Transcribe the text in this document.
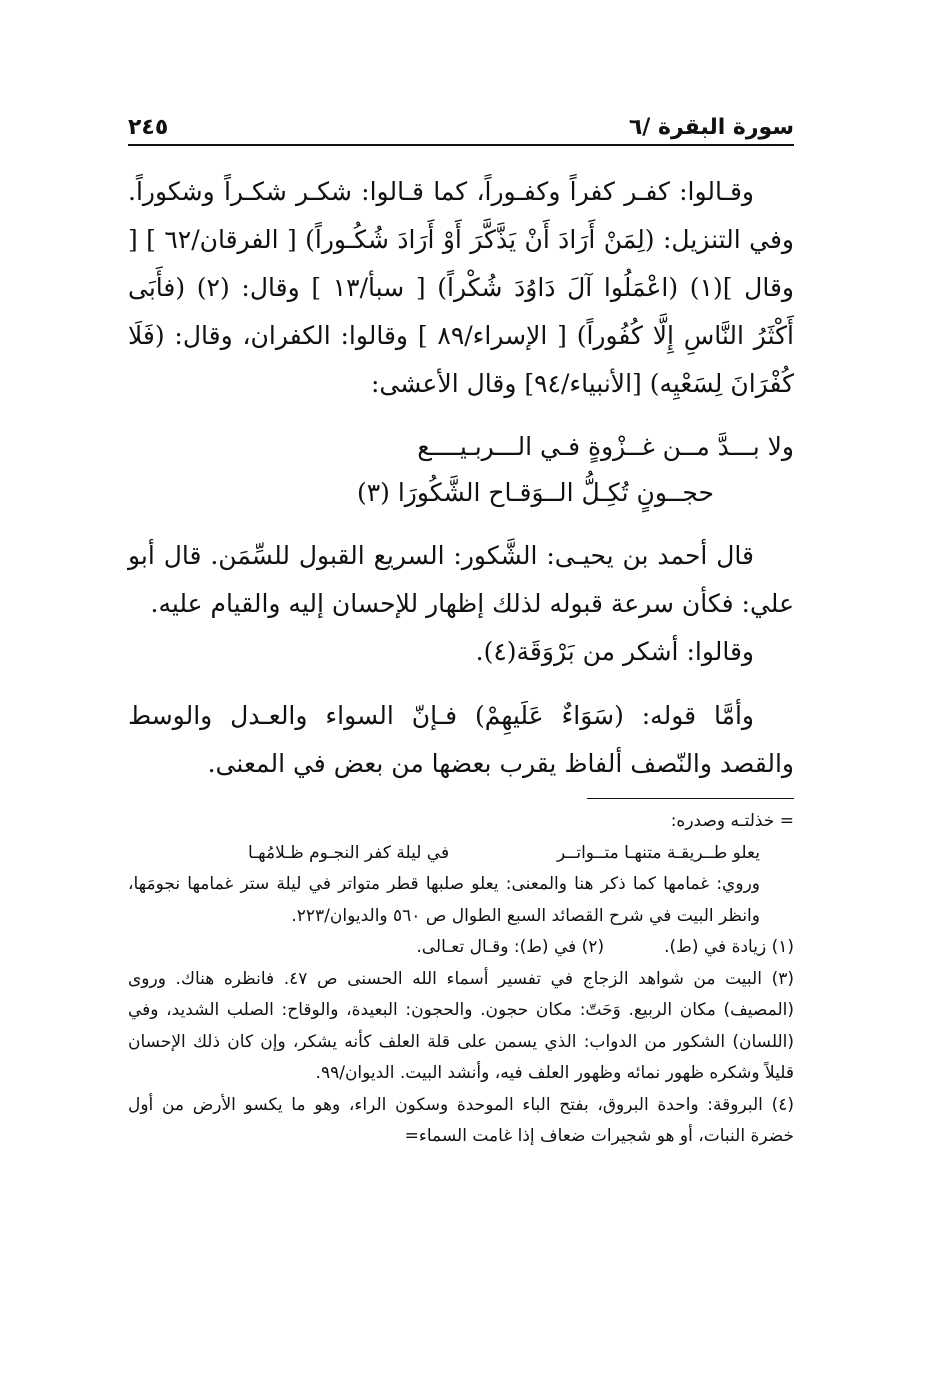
سورة البقرة /٦
٢٤٥

وقـالوا: كفـر كفراً وكفـوراً، كما قـالوا: شكـر شكـراً وشكوراً. وفي التنزيل: (لِمَنْ أَرَادَ أَنْ يَذَّكَّرَ أَوْ أَرَادَ شُكُـوراً) [ الفرقان/٦٢ ] [ وقال ](١) (اعْمَلُوا آلَ دَاوُدَ شُكْراً) [ سبأ/١٣ ] وقال: (٢) (فأَبَى أَكْثَرُ النَّاسِ إِلَّا كُفُوراً) [ الإسراء/٨٩ ] وقالوا: الكفران، وقال: (فَلَا كُفْرَانَ لِسَعْيِه) [الأنبياء/٩٤] وقال الأعشى:

ولا بـــدَّ مــن غــزْوةٍ فـي الـــربـيــــع
حجــونٍ تُكِـلُّ الــوَقـاح الشَّكُورَا (٣)

قال أحمد بن يحيـى: الشَّكور: السريع القبول للسِّمَن. قال أبو علي: فكأن سرعة قبوله لذلك إظهار للإحسان إليه والقيام عليه.

وقالوا: أشكر من بَرْوَقَة(٤).

وأمَّا قوله: (سَوَاءٌ عَلَيهِمْ) فـإنّ السواء والعـدل والوسط والقصد والنّصف ألفاظ يقرب بعضها من بعض في المعنى.

= خذلتـه وصدره:

يعلو طــريقـة متنهـا متــواتــر
في ليلة كفر النجـوم ظـلامُهـا

وروي: غمامها كما ذكر هنا والمعنى: يعلو صلبها قطر متواتر في ليلة ستر غمامها نجومَها، وانظر البيت في شرح القصائد السبع الطوال ص ٥٦٠ والديوان/٢٢٣.

(١) زيادة في (ط).
(٢) في (ط): وقـال تعـالى.

(٣) البيت من شواهد الزجاج في تفسير أسماء الله الحسنى ص ٤٧. فانظره هناك. وروى (المصيف) مكان الربيع. وَحَتّ: مكان حجون. والحجون: البعيدة، والوقاح: الصلب الشديد، وفي (اللسان) الشكور من الدواب: الذي يسمن على قلة العلف كأنه يشكر، وإن كان ذلك الإحسان قليلاً وشكره ظهور نمائه وظهور العلف فيه، وأنشد البيت. الديوان/٩٩.

(٤) البروقة: واحدة البروق، بفتح الباء الموحدة وسكون الراء، وهو ما يكسو الأرض من أول خضرة النبات، أو هو شجيرات ضعاف إذا غامت السماء=
